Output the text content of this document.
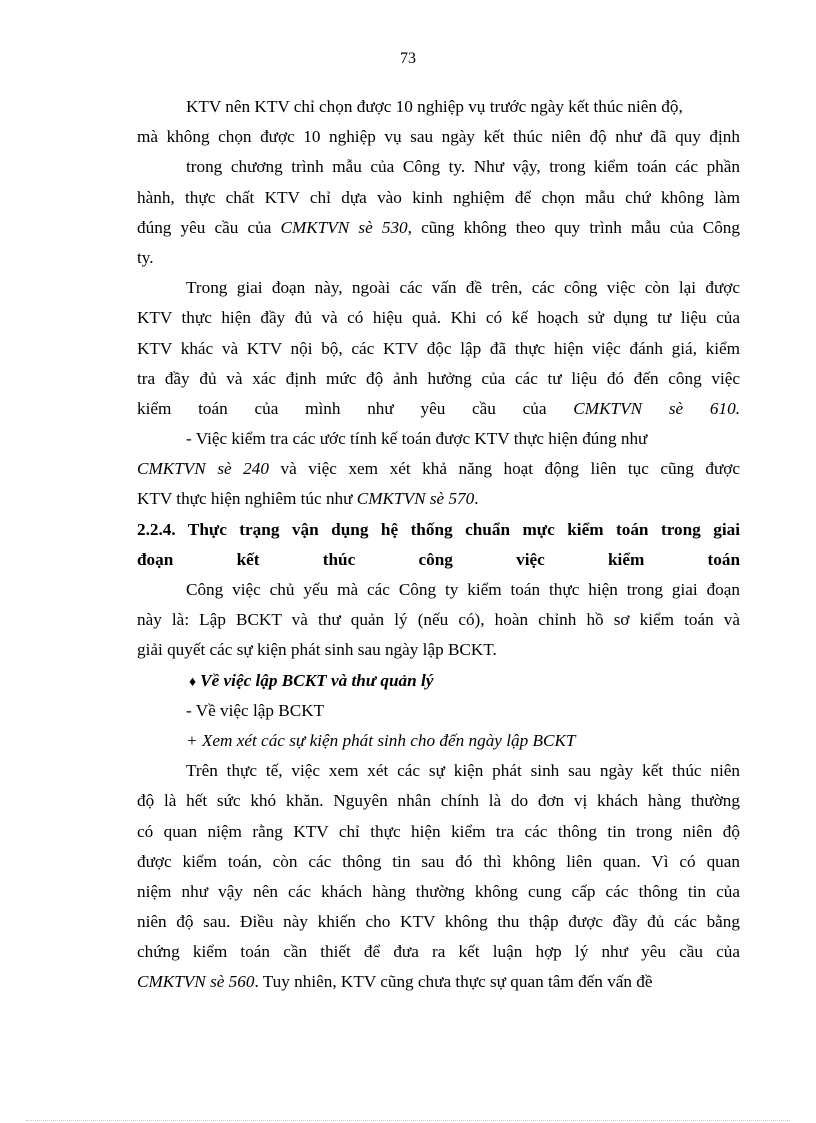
73
KTV nên KTV chỉ chọn được 10 nghiệp vụ trước ngày kết thúc niên độ,
mà không chọn được 10 nghiệp vụ sau ngày kết thúc niên độ như đã quy định
trong chương trình mẫu của Công ty. Như vậy, trong kiểm toán các phần
hành, thực chất KTV chỉ dựa vào kinh nghiệm để chọn mẫu chứ không làm
đúng yêu cầu của CMKTVN sè 530, cũng không theo quy trình mẫu của Công
ty.
Trong giai đoạn này, ngoài các vấn đề trên, các công việc còn lại được
KTV thực hiện đầy đủ và có hiệu quả. Khi có kế hoạch sử dụng tư liệu của
KTV khác và KTV nội bộ, các KTV độc lập đã thực hiện việc đánh giá, kiểm
tra đầy đủ và xác định mức độ ảnh hưởng của các tư liệu đó đến công việc
kiểm toán của mình như yêu cầu của CMKTVN sè 610.
- Việc kiểm tra các ước tính kế toán được KTV thực hiện đúng như
CMKTVN sè 240 và việc xem xét khả năng hoạt động liên tục cũng được
KTV thực hiện nghiêm túc như CMKTVN sè 570.
2.2.4. Thực trạng vận dụng hệ thống chuẩn mực kiểm toán trong giai
đoạn kết thúc công việc kiểm toán
Công việc chủ yếu mà các Công ty kiểm toán thực hiện trong giai đoạn
này là: Lập BCKT và thư quản lý (nếu có), hoàn chỉnh hồ sơ kiểm toán và
giải quyết các sự kiện phát sinh sau ngày lập BCKT.
♦ Về việc lập BCKT và thư quản lý
- Về việc lập BCKT
+ Xem xét các sự kiện phát sinh cho đến ngày lập BCKT
Trên thực tế, việc xem xét các sự kiện phát sinh sau ngày kết thúc niên
độ là hết sức khó khăn. Nguyên nhân chính là do đơn vị khách hàng thường
có quan niệm rằng KTV chỉ thực hiện kiểm tra các thông tin trong niên độ
được kiểm toán, còn các thông tin sau đó thì không liên quan. Vì có quan
niệm như vậy nên các khách hàng thường không cung cấp các thông tin của
niên độ sau. Điều này khiến cho KTV không thu thập được đầy đủ các bằng
chứng kiểm toán cần thiết để đưa ra kết luận hợp lý như yêu cầu của
CMKTVN sè 560. Tuy nhiên, KTV cũng chưa thực sự quan tâm đến vấn đề
